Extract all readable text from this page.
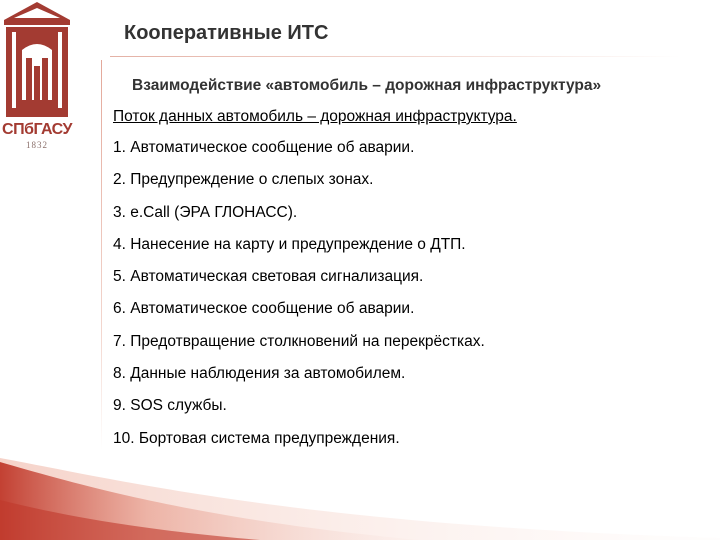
СПбГАСУ
1832
Кооперативные ИТС
Взаимодействие «автомобиль – дорожная инфраструктура»
Поток данных автомобиль – дорожная инфраструктура.
1. Автоматическое сообщение об аварии.
2. Предупреждение о слепых зонах.
3. e.Call (ЭРА ГЛОНАСС).
4. Нанесение на карту и предупреждение о ДТП.
5. Автоматическая световая сигнализация.
6. Автоматическое сообщение об аварии.
7. Предотвращение столкновений на перекрёстках.
8. Данные наблюдения за автомобилем.
9. SOS службы.
10. Бортовая система предупреждения.
